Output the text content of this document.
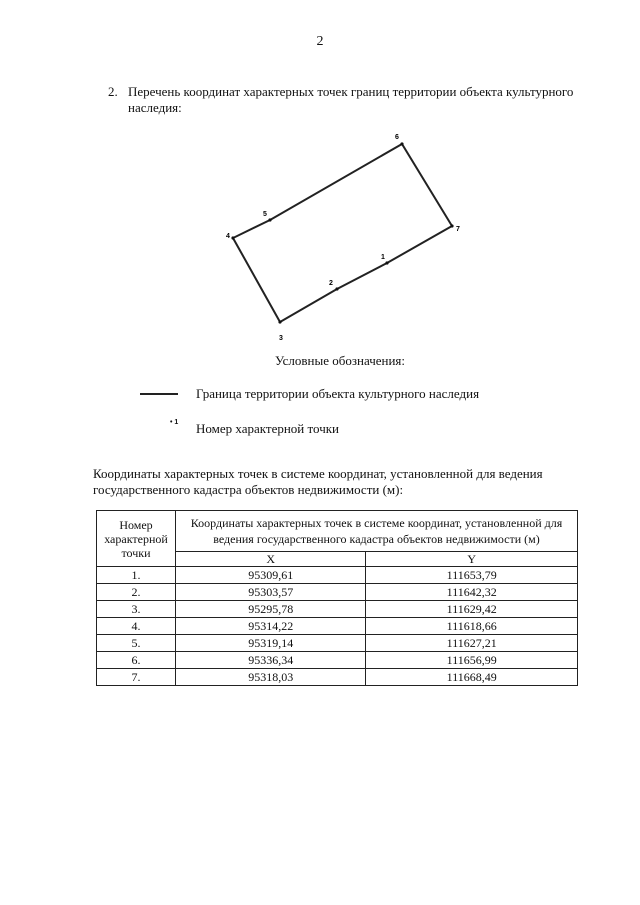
2
2. Перечень координат характерных точек границ территории объекта культурного наследия:
1
2
3
4
5
6
7
Условные обозначения:
Граница территории объекта культурного наследия
• 1 Номер характерной точки
Координаты характерных точек в системе координат, установленной для ведения государственного кадастра объектов недвижимости (м):
Номер характерной точки	Координаты характерных точек в системе координат, установленной для ведения государственного кадастра объектов недвижимости (м)	
	X	Y
1.	95309,61	111653,79
2.	95303,57	111642,32
3.	95295,78	111629,42
4.	95314,22	111618,66
5.	95319,14	111627,21
6.	95336,34	111656,99
7.	95318,03	111668,49
